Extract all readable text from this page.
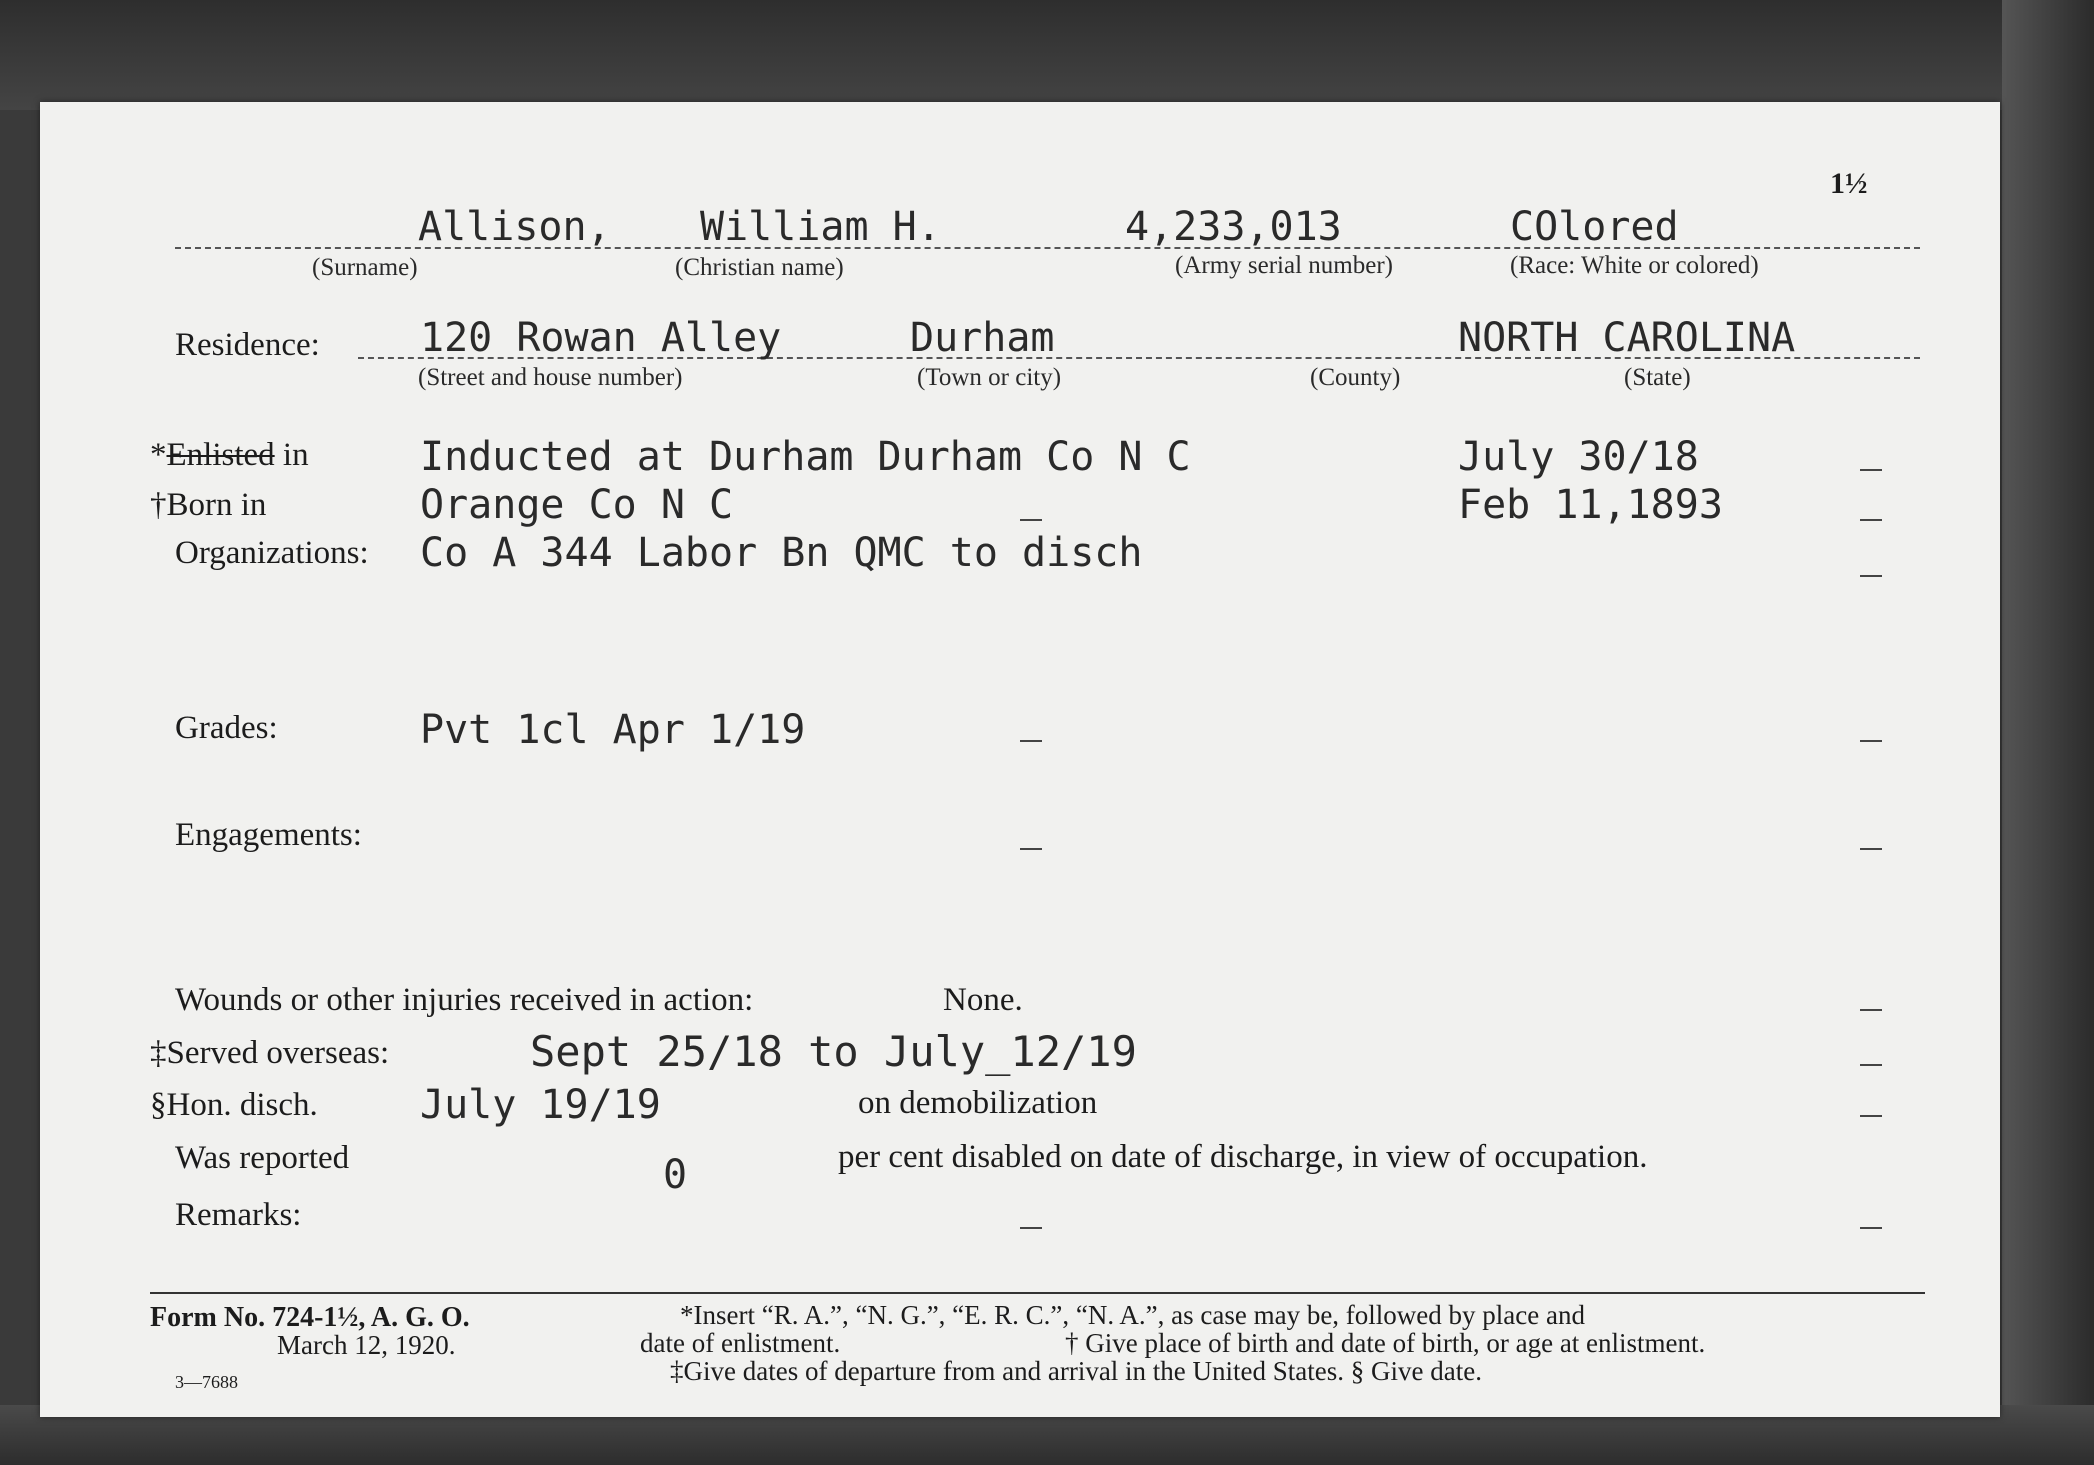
1½
Allison, William H.	4,233,013	COlored
(Surname)	(Christian name)	(Army serial number)	(Race: White or colored)
Residence:	120 Rowan Alley	Durham	NORTH CAROLINA
(Street and house number)	(Town or city)	(County)	(State)
*Enlisted in	Inducted at Durham Durham Co N C	July 30/18
†Born in	Orange Co N C	Feb 11,1893
Organizations: Co A 344 Labor Bn QMC to disch
Grades:	Pvt 1cl Apr 1/19
Engagements:
Wounds or other injuries received in action:	None.
‡Served overseas:	Sept 25/18 to July_12/19
§Hon. disch.	July 19/19	on demobilization
Was reported	0	per cent disabled on date of discharge, in view of occupation.
Remarks:
Form No. 724-1½, A. G. O.
March 12, 1920.
3—7688
*Insert “R. A.”, “N. G.”, “E. R. C.”, “N. A.”, as case may be, followed by place and
date of enlistment.	† Give place of birth and date of birth, or age at enlistment.
‡Give dates of departure from and arrival in the United States. § Give date.
